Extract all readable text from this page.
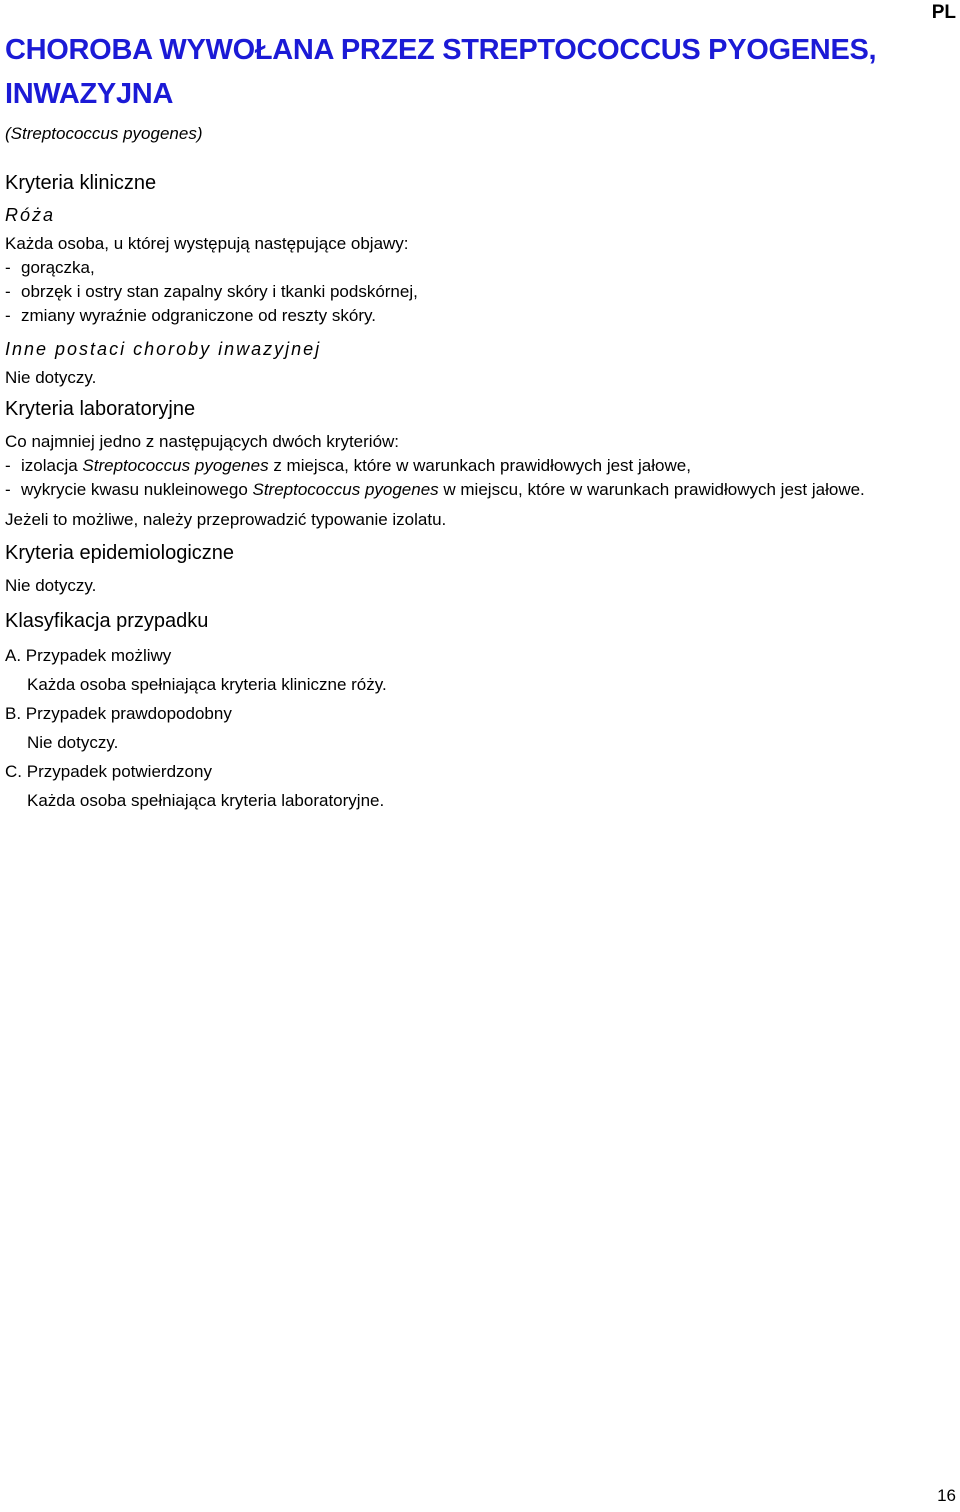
PL
CHOROBA WYWOŁANA PRZEZ STREPTOCOCCUS PYOGENES, INWAZYJNA

(Streptococcus pyogenes)

Kryteria kliniczne

Róża

Każda osoba, u której występują następujące objawy:

- gorączka,

- obrzęk i ostry stan zapalny skóry i tkanki podskórnej,

- zmiany wyraźnie odgraniczone od reszty skóry.

Inne postaci choroby inwazyjnej

Nie dotyczy.

Kryteria laboratoryjne

Co najmniej jedno z następujących dwóch kryteriów:

- izolacja Streptococcus pyogenes z miejsca, które w warunkach prawidłowych jest jałowe,

- wykrycie kwasu nukleinowego Streptococcus pyogenes w miejscu, które w warunkach prawidłowych jest jałowe.

Jeżeli to możliwe, należy przeprowadzić typowanie izolatu.

Kryteria epidemiologiczne

Nie dotyczy.

Klasyfikacja przypadku

A. Przypadek możliwy

Każda osoba spełniająca kryteria kliniczne róży.

B. Przypadek prawdopodobny

Nie dotyczy.

C. Przypadek potwierdzony

Każda osoba spełniająca kryteria laboratoryjne.

16
